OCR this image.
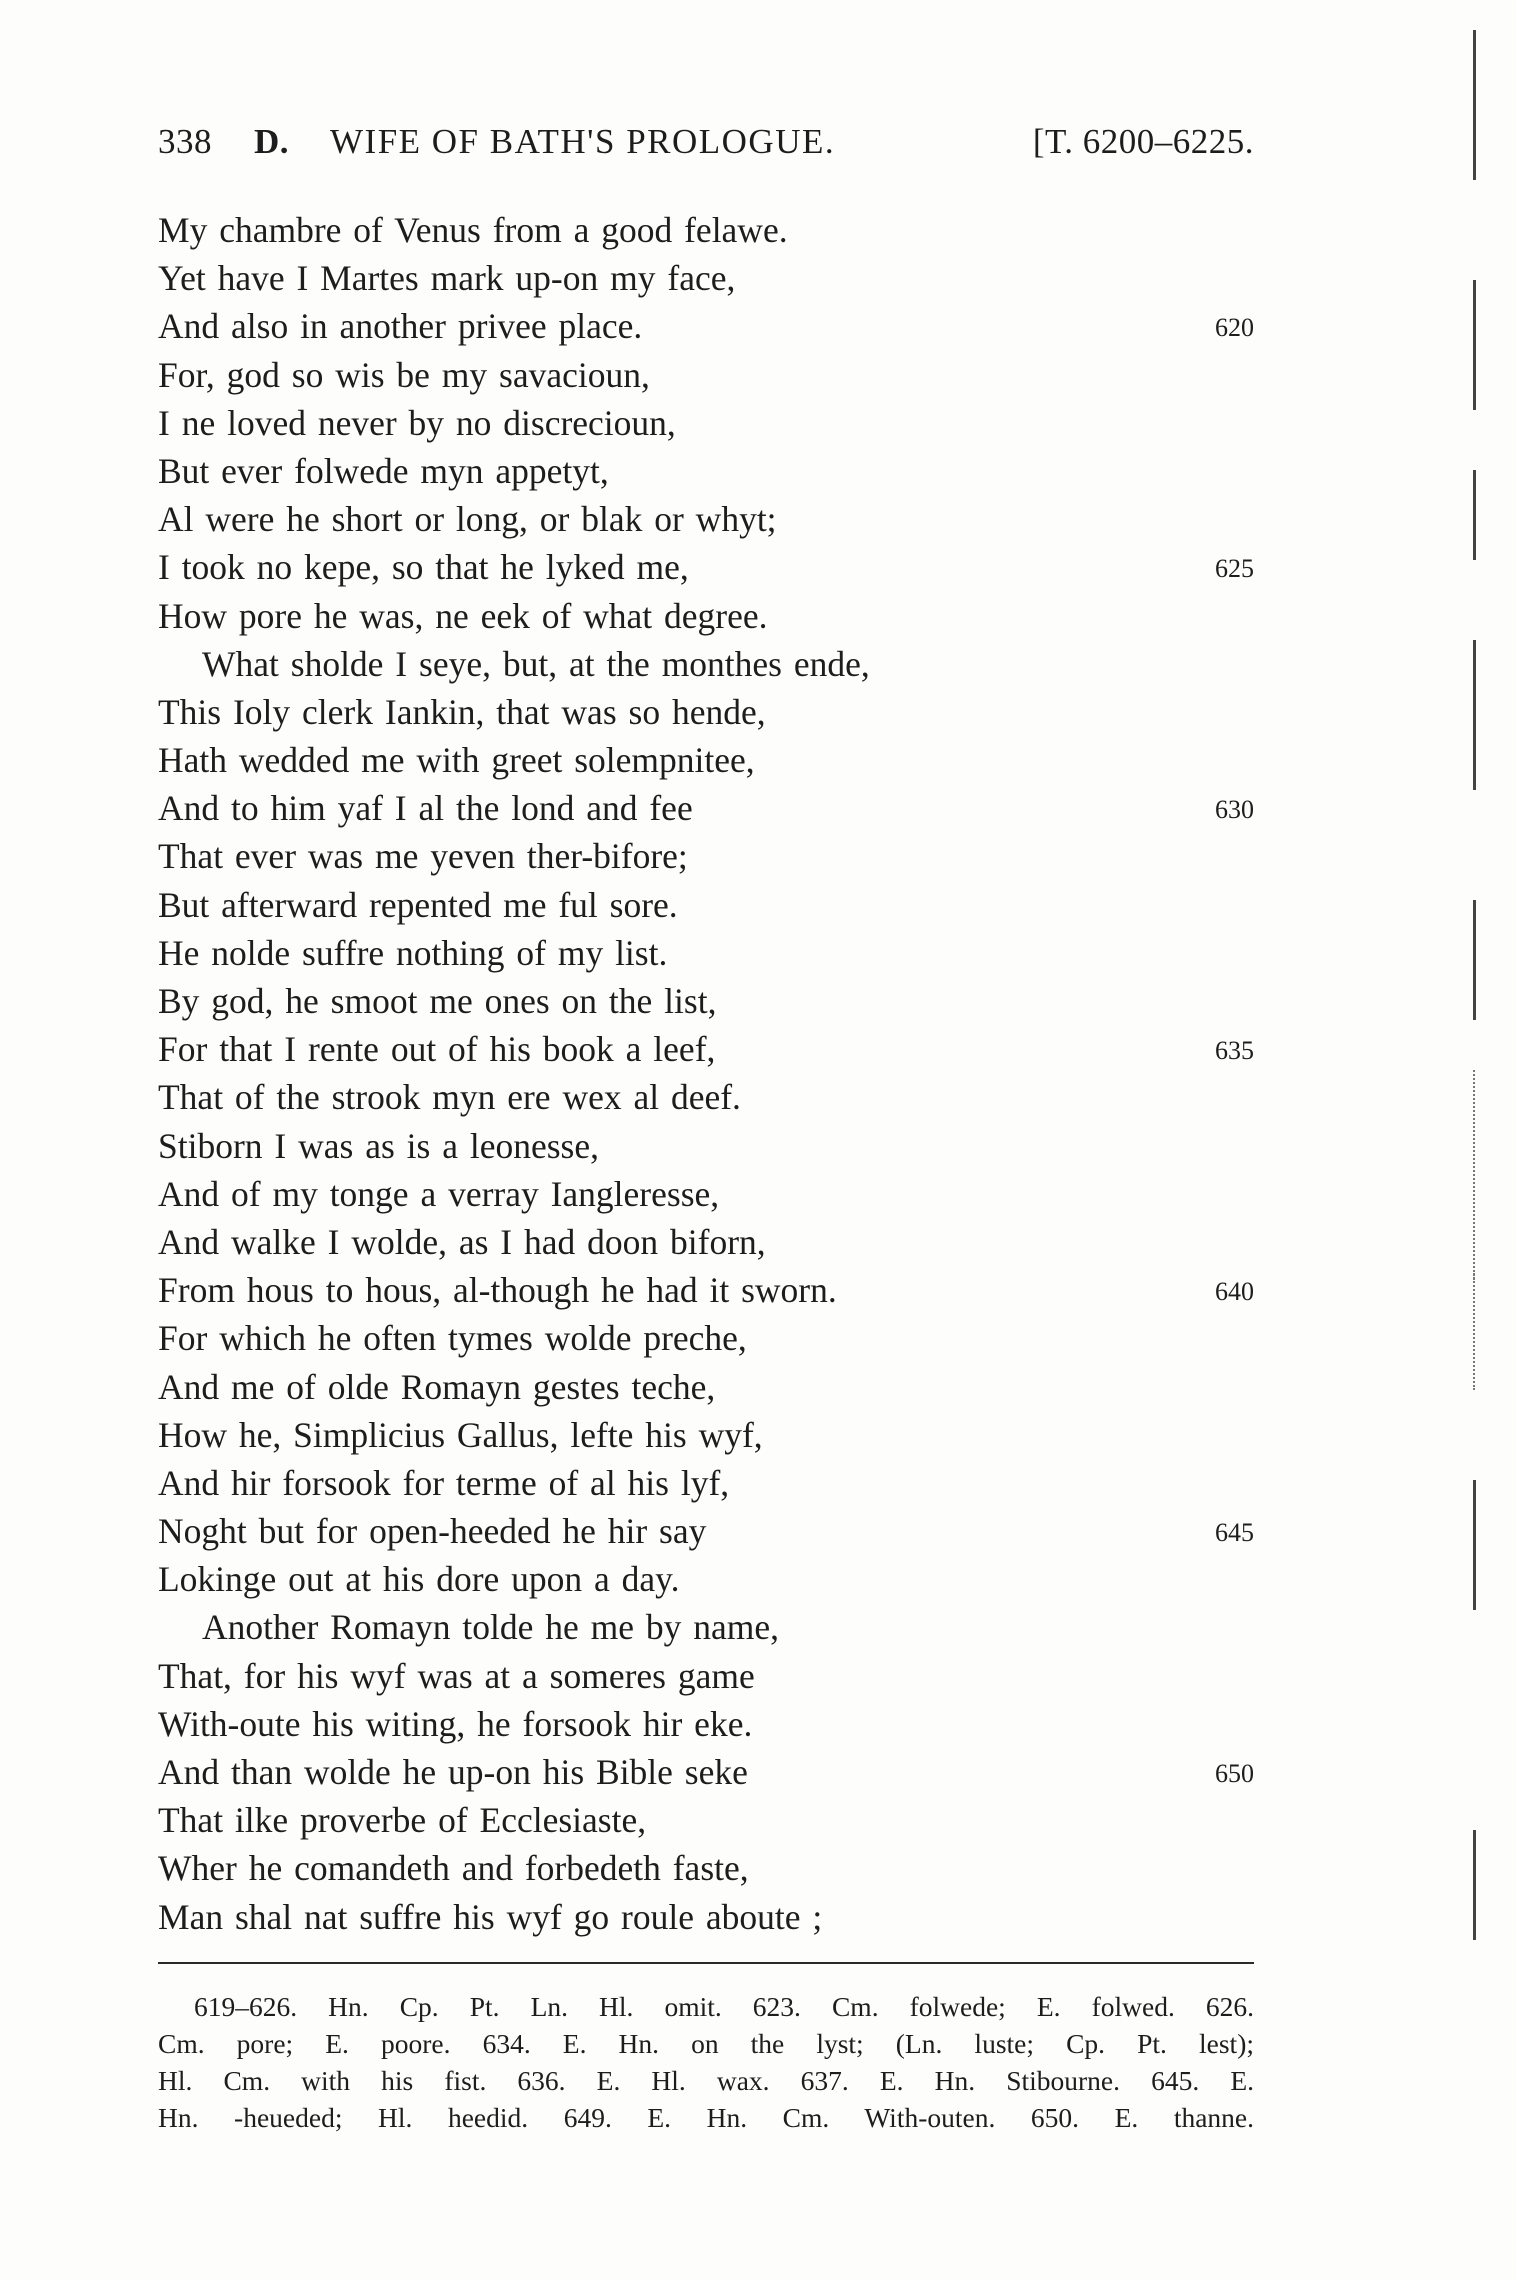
338 D. WIFE OF BATH'S PROLOGUE.	[T. 6200–6225.
My chambre of Venus from a good felawe.
Yet have I Martes mark up-on my face,
And also in another privee place.	620
For, god so wis be my savacioun,
I ne loved never by no discrecioun,
But ever folwede myn appetyt,
Al were he short or long, or blak or whyt;
I took no kepe, so that he lyked me,	625
How pore he was, ne eek of what degree.
What sholde I seye, but, at the monthes ende,
This Ioly clerk Iankin, that was so hende,
Hath wedded me with greet solempnitee,
And to him yaf I al the lond and fee	630
That ever was me yeven ther-bifore;
But afterward repented me ful sore.
He nolde suffre nothing of my list.
By god, he smoot me ones on the list,
For that I rente out of his book a leef,	635
That of the strook myn ere wex al deef.
Stiborn I was as is a leonesse,
And of my tonge a verray Iangleresse,
And walke I wolde, as I had doon biforn,
From hous to hous, al-though he had it sworn.	640
For which he often tymes wolde preche,
And me of olde Romayn gestes teche,
How he, Simplicius Gallus, lefte his wyf,
And hir forsook for terme of al his lyf,
Noght but for open-heeded he hir say	645
Lokinge out at his dore upon a day.
Another Romayn tolde he me by name,
That, for his wyf was at a someres game
With-oute his witing, he forsook hir eke.
And than wolde he up-on his Bible seke	650
That ilke proverbe of Ecclesiaste,
Wher he comandeth and forbedeth faste,
Man shal nat suffre his wyf go roule aboute ;
619–626. Hn. Cp. Pt. Ln. Hl. omit. 623. Cm. folwede; E. folwed. 626.
Cm. pore; E. poore. 634. E. Hn. on the lyst; (Ln. luste; Cp. Pt. lest);
Hl. Cm. with his fist. 636. E. Hl. wax. 637. E. Hn. Stibourne. 645. E.
Hn. -heueded; Hl. heedid. 649. E. Hn. Cm. With-outen. 650. E. thanne.
